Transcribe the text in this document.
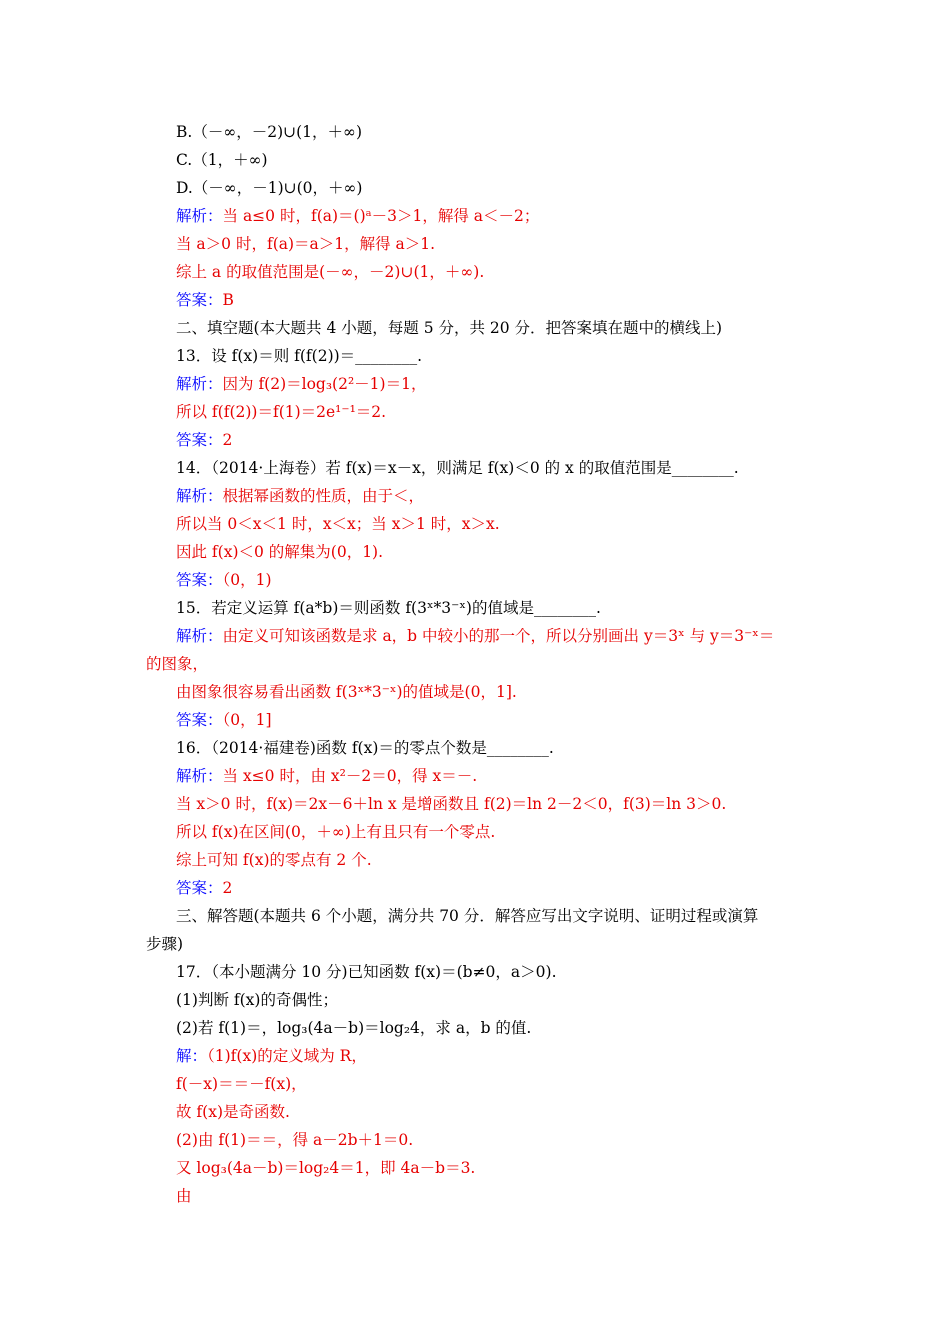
B.（－∞，－2)∪(1，＋∞)
C.（1，＋∞)
D.（－∞，－1)∪(0，＋∞)
解析：当 a≤0 时，f(a)＝()ᵃ－3＞1，解得 a＜－2；
当 a＞0 时，f(a)＝a＞1，解得 a＞1.
综上 a 的取值范围是(－∞，－2)∪(1，＋∞).
答案：B
二、填空题(本大题共 4 小题，每题 5 分，共 20 分．把答案填在题中的横线上)
13．设 f(x)＝则 f(f(2))＝________.
解析：因为 f(2)＝log₃(2²－1)＝1，
所以 f(f(2))＝f(1)＝2e¹⁻¹＝2.
答案：2
14．（2014·上海卷）若 f(x)＝x－x，则满足 f(x)＜0 的 x 的取值范围是________.
解析：根据幂函数的性质，由于＜，
所以当 0＜x＜1 时，x＜x；当 x＞1 时，x＞x.
因此 f(x)＜0 的解集为(0，1).
答案：（0，1)
15．若定义运算 f(a*b)＝则函数 f(3ˣ*3⁻ˣ)的值域是________.
解析：由定义可知该函数是求 a，b 中较小的那一个，所以分别画出 y＝3ˣ 与 y＝3⁻ˣ＝
的图象，
由图象很容易看出函数 f(3ˣ*3⁻ˣ)的值域是(0，1].
答案：（0，1]
16．（2014·福建卷)函数 f(x)＝的零点个数是________.
解析：当 x≤0 时，由 x²－2＝0，得 x＝－.
当 x＞0 时，f(x)＝2x－6＋ln x 是增函数且 f(2)＝ln 2－2＜0，f(3)＝ln 3＞0.
所以 f(x)在区间(0，＋∞)上有且只有一个零点.
综上可知 f(x)的零点有 2 个.
答案：2
三、解答题(本题共 6 个小题，满分共 70 分．解答应写出文字说明、证明过程或演算
步骤)
17．（本小题满分 10 分)已知函数 f(x)＝(b≠0，a＞0).
(1)判断 f(x)的奇偶性；
(2)若 f(1)＝，log₃(4a－b)＝log₂4，求 a，b 的值.
解：（1)f(x)的定义域为 R，
f(－x)＝＝－f(x)，
故 f(x)是奇函数.
(2)由 f(1)＝＝，得 a－2b＋1＝0.
又 log₃(4a－b)＝log₂4＝1，即 4a－b＝3.
由
